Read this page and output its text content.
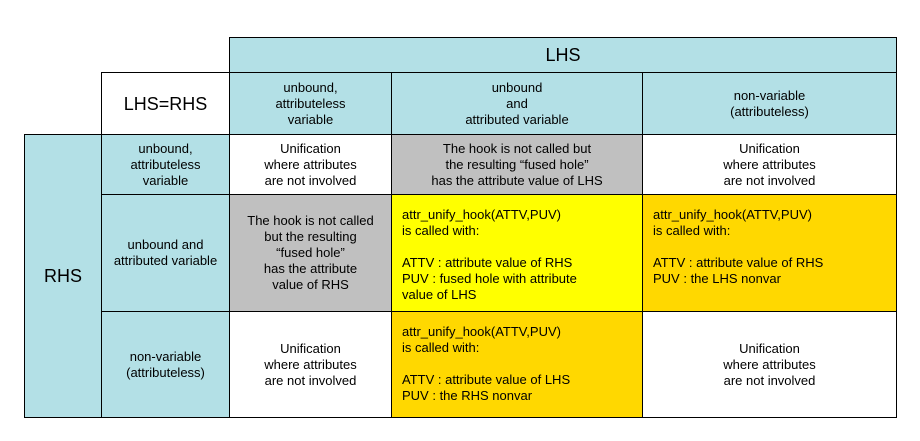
LHS
LHS=RHS
unbound,
attributeless
variable
unbound
and
attributed variable
non-variable
(attributeless)
RHS
unbound,
attributeless
variable
unbound and
attributed variable
non-variable
(attributeless)
Unification
where attributes
are not involved
The hook is not called but
the resulting “fused hole”
has the attribute value of LHS
Unification
where attributes
are not involved
The hook is not called
but the resulting
“fused hole”
has the attribute
value of RHS
attr_unify_hook(ATTV,PUV)
is called with:

ATTV : attribute value of RHS
PUV : fused hole with attribute
value of LHS
attr_unify_hook(ATTV,PUV)
is called with:

ATTV : attribute value of RHS
PUV : the LHS nonvar
Unification
where attributes
are not involved
attr_unify_hook(ATTV,PUV)
is called with:

ATTV : attribute value of LHS
PUV : the RHS nonvar
Unification
where attributes
are not involved
